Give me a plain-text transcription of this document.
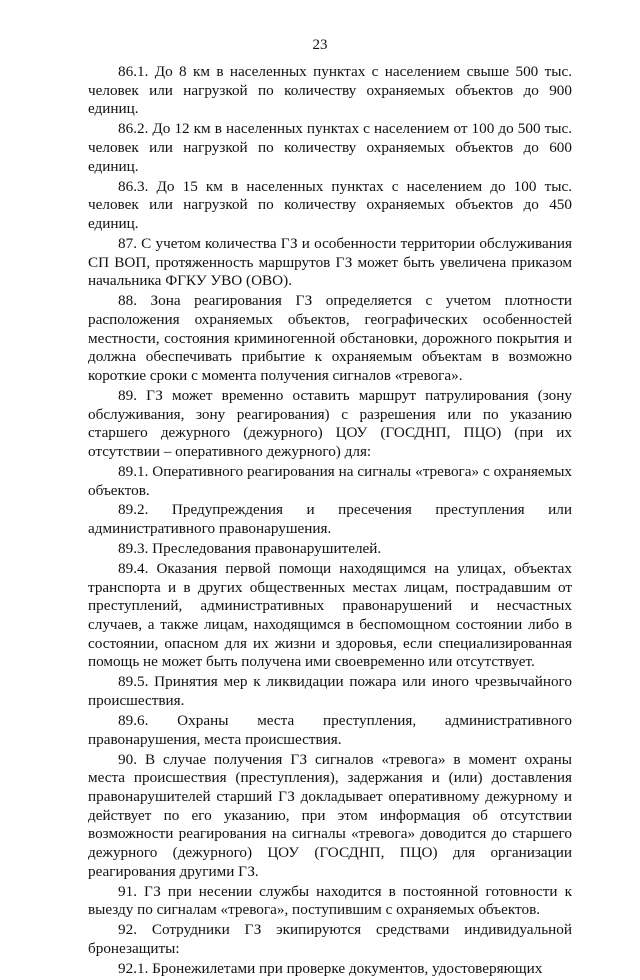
23

86.1. До 8 км в населенных пунктах с населением свыше 500 тыс. человек или нагрузкой по количеству охраняемых объектов до 900 единиц.

86.2. До 12 км в населенных пунктах с населением от 100 до 500 тыс. человек или нагрузкой по количеству охраняемых объектов до 600 единиц.

86.3. До 15 км в населенных пунктах с населением до 100 тыс. человек или нагрузкой по количеству охраняемых объектов до 450 единиц.

87. С учетом количества ГЗ и особенности территории обслуживания СП ВОП, протяженность маршрутов ГЗ может быть увеличена приказом начальника ФГКУ УВО (ОВО).

88. Зона реагирования ГЗ определяется с учетом плотности расположения охраняемых объектов, географических особенностей местности, состояния криминогенной обстановки, дорожного покрытия и должна обеспечивать прибытие к охраняемым объектам в возможно короткие сроки с момента получения сигналов «тревога».

89. ГЗ может временно оставить маршрут патрулирования (зону обслуживания, зону реагирования) с разрешения или по указанию старшего дежурного (дежурного) ЦОУ (ГОСДНП, ПЦО) (при их отсутствии – оперативного дежурного) для:

89.1. Оперативного реагирования на сигналы «тревога» с охраняемых объектов.

89.2. Предупреждения и пресечения преступления или административного правонарушения.

89.3. Преследования правонарушителей.

89.4. Оказания первой помощи находящимся на улицах, объектах транспорта и в других общественных местах лицам, пострадавшим от преступлений, административных правонарушений и несчастных случаев, а также лицам, находящимся в беспомощном состоянии либо в состоянии, опасном для их жизни и здоровья, если специализированная помощь не может быть получена ими своевременно или отсутствует.

89.5. Принятия мер к ликвидации пожара или иного чрезвычайного происшествия.

89.6. Охраны места преступления, административного правонарушения, места происшествия.

90. В случае получения ГЗ сигналов «тревога» в момент охраны места происшествия (преступления), задержания и (или) доставления правонарушителей старший ГЗ докладывает оперативному дежурному и действует по его указанию, при этом информация об отсутствии возможности реагирования на сигналы «тревога» доводится до старшего дежурного (дежурного) ЦОУ (ГОСДНП, ПЦО) для организации реагирования другими ГЗ.

91. ГЗ при несении службы находится в постоянной готовности к выезду по сигналам «тревога», поступившим с охраняемых объектов.

92. Сотрудники ГЗ экипируются средствами индивидуальной бронезащиты:

92.1. Бронежилетами при проверке документов, удостоверяющих
